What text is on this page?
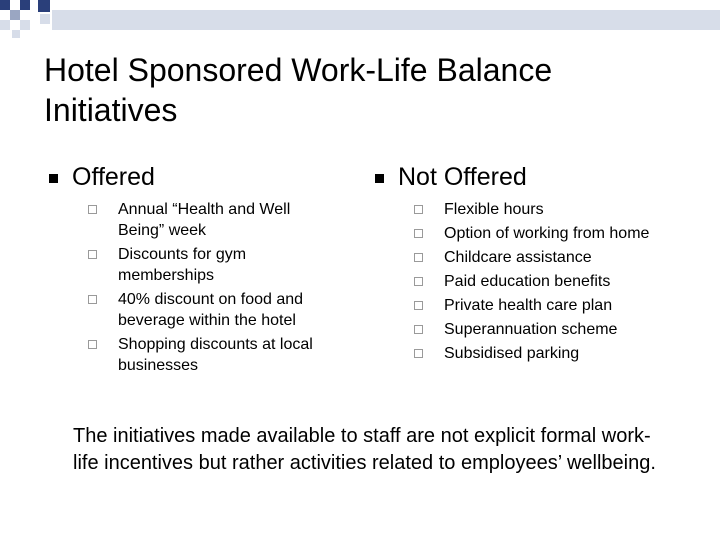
Hotel Sponsored Work-Life Balance Initiatives
Offered
Annual “Health and Well Being” week
Discounts for gym memberships
40% discount on food and beverage within the hotel
Shopping discounts at local businesses
Not Offered
Flexible hours
Option of working from home
Childcare assistance
Paid education benefits
Private health care plan
Superannuation scheme
Subsidised parking
The initiatives made available to staff are not explicit formal work-life incentives but rather activities related to employees’ wellbeing.
